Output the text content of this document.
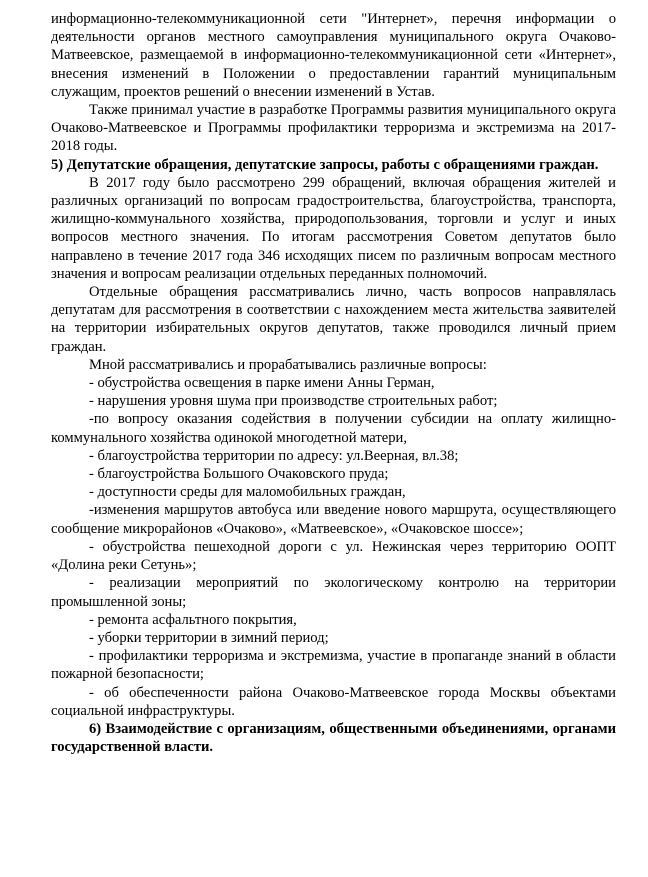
информационно-телекоммуникационной сети "Интернет», перечня информации о деятельности органов местного самоуправления муниципального округа Очаково-Матвеевское, размещаемой в информационно-телекоммуникационной сети «Интернет», внесения изменений в Положении о предоставлении гарантий муниципальным служащим, проектов решений о внесении изменений в Устав.

Также принимал участие в разработке Программы развития муниципального округа Очаково-Матвеевское и Программы профилактики терроризма и экстремизма на 2017-2018 годы.

5) Депутатские обращения, депутатские запросы, работы с обращениями граждан.

В 2017 году было рассмотрено 299 обращений, включая обращения жителей и различных организаций по вопросам градостроительства, благоустройства, транспорта, жилищно-коммунального хозяйства, природопользования, торговли и услуг и иных вопросов местного значения. По итогам рассмотрения Советом депутатов было направлено в течение 2017 года 346 исходящих писем по различным вопросам местного значения и вопросам реализации отдельных переданных полномочий.

Отдельные обращения рассматривались лично, часть вопросов направлялась депутатам для рассмотрения в соответствии с нахождением места жительства заявителей на территории избирательных округов депутатов, также проводился личный прием граждан.

Мной рассматривались и прорабатывались различные вопросы:

- обустройства освещения в парке имени Анны Герман,

- нарушения уровня шума при производстве строительных работ;

-по вопросу оказания содействия в получении субсидии на оплату жилищно-коммунального хозяйства одинокой многодетной матери,

- благоустройства территории по адресу: ул.Веерная, вл.38;

- благоустройства Большого Очаковского пруда;

- доступности среды для маломобильных граждан,

-изменения маршрутов автобуса или введение нового маршрута, осуществляющего сообщение микрорайонов «Очаково», «Матвеевское», «Очаковское шоссе»;

- обустройства пешеходной дороги с ул. Нежинская через территорию ООПТ «Долина реки Сетунь»;

- реализации мероприятий по экологическому контролю на территории промышленной зоны;

- ремонта асфальтного покрытия,

- уборки территории в зимний период;

- профилактики терроризма и экстремизма, участие в пропаганде знаний в области пожарной безопасности;

- об обеспеченности района Очаково-Матвеевское города Москвы объектами социальной инфраструктуры.

6) Взаимодействие с организациям, общественными объединениями, органами государственной власти.
